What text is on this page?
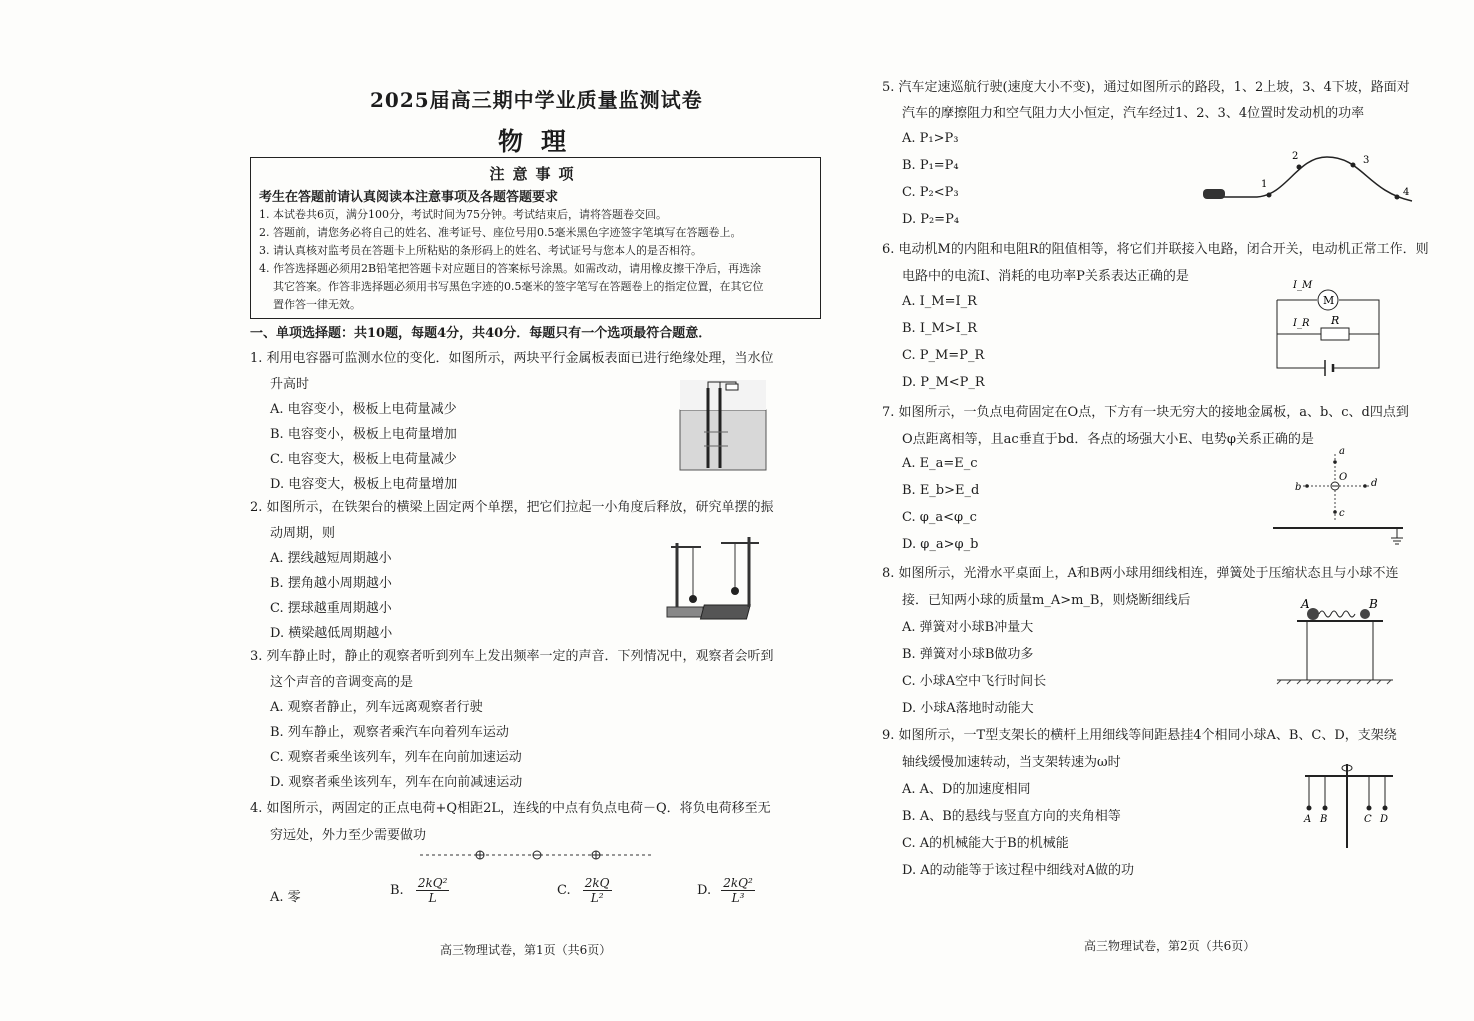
2025届高三期中学业质量监测试卷
物理
注意事项
考生在答题前请认真阅读本注意事项及各题答题要求
1. 本试卷共6页，满分100分，考试时间为75分钟。考试结束后，请将答题卷交回。
2. 答题前，请您务必将自己的姓名、准考证号、座位号用0.5毫米黑色字迹签字笔填写在答题卷上。
3. 请认真核对监考员在答题卡上所粘贴的条形码上的姓名、考试证号与您本人的是否相符。
4. 作答选择题必须用2B铅笔把答题卡对应题目的答案标号涂黑。如需改动，请用橡皮擦干净后，再选涂
其它答案。作答非选择题必须用书写黑色字迹的0.5毫米的签字笔写在答题卷上的指定位置，在其它位
置作答一律无效。
一、单项选择题：共10题，每题4分，共40分．每题只有一个选项最符合题意．
1. 利用电容器可监测水位的变化．如图所示，两块平行金属板表面已进行绝缘处理，当水位
升高时
A. 电容变小，极板上电荷量减少
B. 电容变小，极板上电荷量增加
C. 电容变大，极板上电荷量减少
D. 电容变大，极板上电荷量增加
2. 如图所示，在铁架台的横梁上固定两个单摆，把它们拉起一小角度后释放，研究单摆的振
动周期，则
A. 摆线越短周期越小
B. 摆角越小周期越小
C. 摆球越重周期越小
D. 横梁越低周期越小
3. 列车静止时，静止的观察者听到列车上发出频率一定的声音．下列情况中，观察者会听到
这个声音的音调变高的是
A. 观察者静止，列车远离观察者行驶
B. 列车静止，观察者乘汽车向着列车运动
C. 观察者乘坐该列车，列车在向前加速运动
D. 观察者乘坐该列车，列车在向前减速运动
4. 如图所示，两固定的正点电荷+Q相距2L，连线的中点有负点电荷－Q．将负电荷移至无
穷远处，外力至少需要做功
A. 零	B. $\frac{\text{2kQ²}}{L}$	C. $\frac{2kQ}{\text{L²}}$	D. $\frac{\text{2kQ²}}{\text{L³}}$
高三物理试卷，第1页（共6页）
5. 汽车定速巡航行驶(速度大小不变)，通过如图所示的路段，1、2上坡，3、4下坡，路面对
汽车的摩擦阻力和空气阻力大小恒定，汽车经过1、2、3、4位置时发动机的功率
A. P₁>P₃
B. P₁=P₄
C. P₂<P₃
D. P₂=P₄
1
2	3
4
6. 电动机M的内阻和电阻R的阻值相等，将它们并联接入电路，闭合开关，电动机正常工作．则
电路中的电流I、消耗的电功率P关系表达正确的是
A. I_M=I_R
B. I_M>I_R
C. P_M=P_R
D. P_M<P_R
M
R
I_M
I_R
7. 如图所示，一负点电荷固定在O点，下方有一块无穷大的接地金属板，a、b、c、d四点到
O点距离相等，且ac垂直于bd．各点的场强大小E、电势φ关系正确的是
A. E_a=E_c
B. E_b>E_d
C. φ_a<φ_c
D. φ_a>φ_b
a
b
O
d
c
8. 如图所示，光滑水平桌面上，A和B两小球用细线相连，弹簧处于压缩状态且与小球不连
接．已知两小球的质量m_A>m_B，则烧断细线后
A. 弹簧对小球B冲量大
B. 弹簧对小球B做功多
C. 小球A空中飞行时间长
D. 小球A落地时动能大
A	B
9. 如图所示，一T型支架长的横杆上用细线等间距悬挂4个相同小球A、B、C、D，支架绕
轴线缓慢加速转动，当支架转速为ω时
A. A、D的加速度相同
B. A、B的悬线与竖直方向的夹角相等
C. A的机械能大于B的机械能
D. A的动能等于该过程中细线对A做的功
A B	C D
高三物理试卷，第2页（共6页）
